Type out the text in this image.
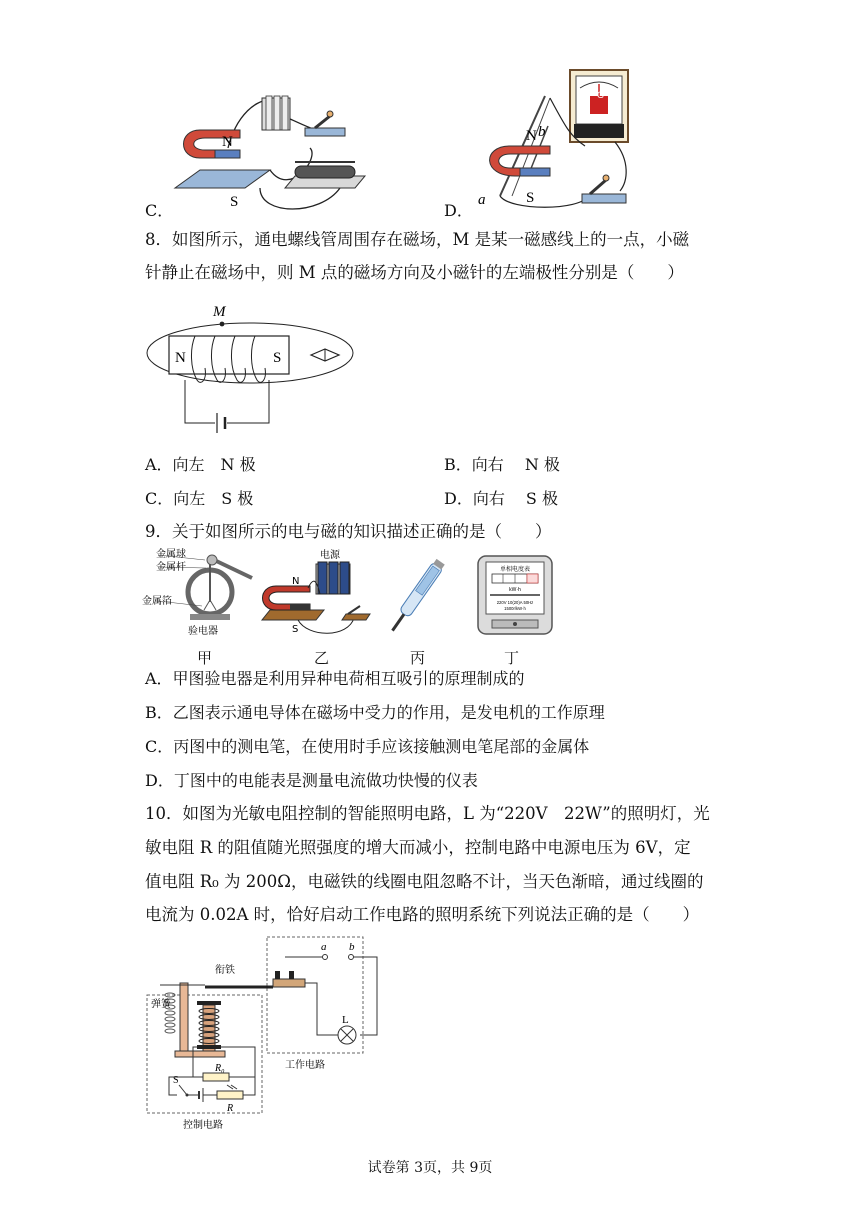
C．	D．
N
S
G
N b
S
a
8．如图所示，通电螺线管周围存在磁场，M 是某一磁感线上的一点，小磁
针静止在磁场中，则 M 点的磁场方向及小磁针的左端极性分别是（　　）
M
N	S
A．向左　N 极	B．向右　 N 极
C．向左　S 极	D．向右　 S 极
9．关于如图所示的电与磁的知识描述正确的是（　　）
金属球
金属杆
金属箔
验电器
电源
N
S
单相电度表
kW·h
220V 10(20)A 50Hz
1500r/kW·h
甲	乙	丙	丁
A．甲图验电器是利用异种电荷相互吸引的原理制成的
B．乙图表示通电导体在磁场中受力的作用，是发电机的工作原理
C．丙图中的测电笔，在使用时手应该接触测电笔尾部的金属体
D．丁图中的电能表是测量电流做功快慢的仪表
10．如图为光敏电阻控制的智能照明电路，L 为“220V　22W”的照明灯，光
敏电阻 R 的阻值随光照强度的增大而减小，控制电路中电源电压为 6V，定
值电阻 R₀ 为 200Ω，电磁铁的线圈电阻忽略不计，当天色渐暗，通过线圈的
电流为 0.02A 时，恰好启动工作电路的照明系统下列说法正确的是（　　）
工作电路
控制电路
a b
L
衔铁
弹簧
R₀
R
S
试卷第 3页，共 9页
